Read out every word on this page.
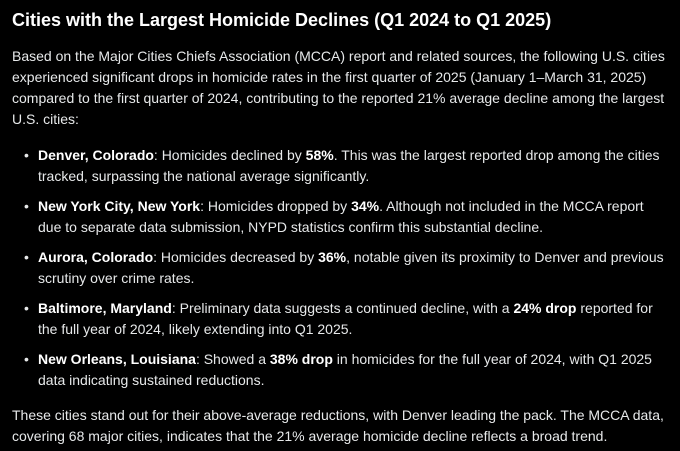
Cities with the Largest Homicide Declines (Q1 2024 to Q1 2025)

Based on the Major Cities Chiefs Association (MCCA) report and related sources, the following U.S. cities experienced significant drops in homicide rates in the first quarter of 2025 (January 1–March 31, 2025) compared to the first quarter of 2024, contributing to the reported 21% average decline among the largest U.S. cities:

• Denver, Colorado: Homicides declined by 58%. This was the largest reported drop among the cities tracked, surpassing the national average significantly.
• New York City, New York: Homicides dropped by 34%. Although not included in the MCCA report due to separate data submission, NYPD statistics confirm this substantial decline.
• Aurora, Colorado: Homicides decreased by 36%, notable given its proximity to Denver and previous scrutiny over crime rates.
• Baltimore, Maryland: Preliminary data suggests a continued decline, with a 24% drop reported for the full year of 2024, likely extending into Q1 2025.
• New Orleans, Louisiana: Showed a 38% drop in homicides for the full year of 2024, with Q1 2025 data indicating sustained reductions.

These cities stand out for their above-average reductions, with Denver leading the pack. The MCCA data, covering 68 major cities, indicates that the 21% average homicide decline reflects a broad trend.
